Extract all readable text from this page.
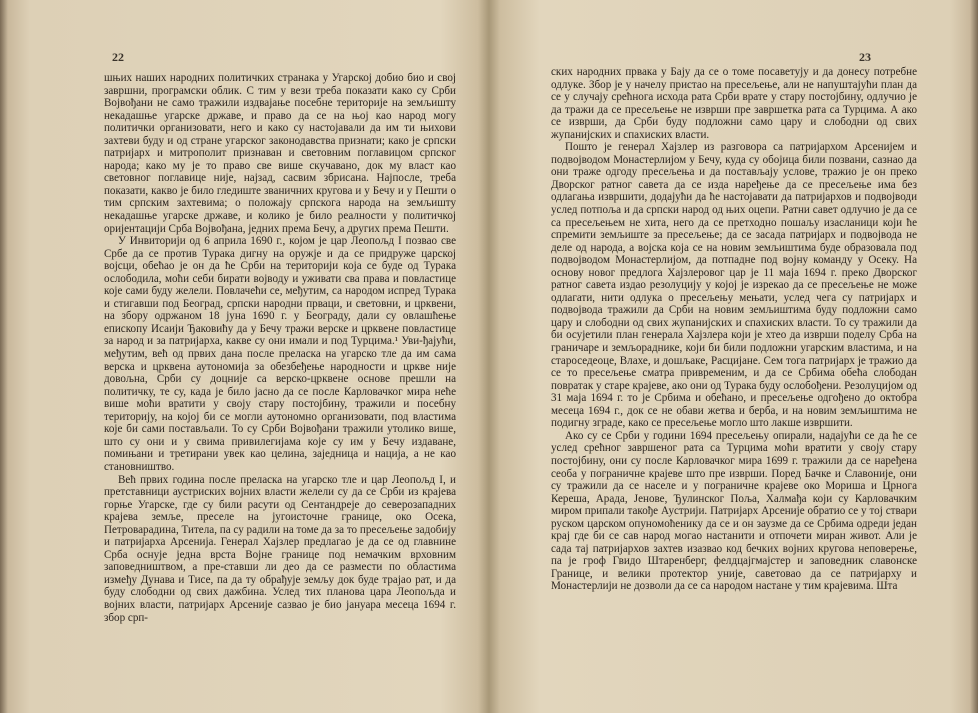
22

шњих наших народних политичких странака у Угарској добио био и свој завршни, програмски облик. С тим у вези треба показати како су Срби Војвођани не само тражили издвајање посебне територије на земљишту некадашње угарске државе, и право да се на њој као народ могу политички организовати, него и како су настојавали да им ти њихови захтеви буду и од стране угарског законодавства признати; како је српски патријарх и митрополит признаван и световним поглавицом српског народа; како му је то право све више скучавано, док му власт као световног поглавице није, најзад, сасвим збрисана. Најпосле, треба показати, какво је било гледиште званичних кругова и у Бечу и у Пешти о тим српским захтевима; о положају српскога народа на земљишту некадашње угарске државе, и колико је било реалности у политичкој оријентацији Срба Војвођана, једних према Бечу, а других према Пешти.

У Инвиторији од 6 априла 1690 г., којом је цар Леопољд I позвао све Србе да се против Турака дигну на оружје и да се придруже царској војсци, обећао је он да ће Срби на територији која се буде од Турака ослободила, моћи себи бирати војводу и уживати сва права и повластице које сами буду желели. Повлачећи се, међутим, са народом испред Турака и стигавши под Београд, српски народни прваци, и световни, и црквени, на збору одржаном 18 јуна 1690 г. у Београду, дали су овлашћење епископу Исаији Ђаковићу да у Бечу тражи верске и црквене повластице за народ и за патријарха, какве су они имали и под Турцима.¹ Уви-ђајући, међутим, већ од првих дана после преласка на угарско тле да им сама верска и црквена аутономија за обезбеђење народности и цркве није довољна, Срби су доцније са верско-црквене основе прешли на политичку, те су, када је било јасно да се после Карловачког мира неће више моћи вратити у своју стару постојбину, тражили и посебну територију, на којој би се могли аутономно организовати, под властима које би сами постављали. То су Срби Војвођани тражили утолико више, што су они и у свима привилегијама које су им у Бечу издаване, помињани и третирани увек као целина, заједница и нација, а не као становништво.

Већ првих година после преласка на угарско тле и цар Леопољд I, и претставници аустриских војних власти желели су да се Срби из крајева горње Угарске, где су били расути од Сентандреје до северозападних крајева земље, преселе на југоисточне границе, око Осека, Петроварадина, Титела, па су радили на томе да за то пресељење задобију и патријарха Арсенија. Генерал Хајзлер предлагао је да се од главнине Срба оснује једна врста Војне границе под немачким врховним заповедништвом, а пре-ставши ли део да се размести по областима између Дунава и Тисе, па да ту обрађује земљу док буде трајао рат, и да буду слободни од свих дажбина. Услед тих планова цара Леопољда и војних власти, патријарх Арсеније сазвао је био јануара месеца 1694 г. збор срп-

23

ских народних првака у Бају да се о томе посаветују и да донесу потребне одлуке. Збор је у начелу пристао на пресељење, али не напуштајући план да се у случају срећнога исхода рата Срби врате у стару постојбину, одлучио је да тражи да се пресељење не изврши пре завршетка рата са Турцима. А ако се изврши, да Срби буду подложни само цару и слободни од свих жупанијских и спахиских власти.

Пошто је генерал Хајзлер из разговора са патријархом Арсенијем и подвојводом Монастерлијом у Бечу, куда су обојица били позвани, сазнао да они траже одгоду пресељења и да постављају услове, тражио је он преко Дворског ратног савета да се изда наређење да се пресељење има без одлагања извршити, додајући да ће настојавати да патријархов и подвојводи услед потпоља и да српски народ од њих оцепи. Ратни савет одлучио је да се са пресељењем не хита, него да се претходно пошаљу изасланици који ће спремити земљиште за пресељење; да се засада патријарх и подвојвода не деле од народа, а војска која се на новим земљиштима буде образовала под подвојводом Монастерлијом, да потпадне под војну команду у Осеку. На основу новог предлога Хајзлеровог цар је 11 маја 1694 г. преко Дворског ратног савета издао резолуцију у којој је изрекао да се пресељење не може одлагати, нити одлука о пресељењу мењати, услед чега су патријарх и подвојвода тражили да Срби на новим земљиштима буду подложни само цару и слободни од свих жупанијских и спахиских власти. То су тражили да би осујетили план генерала Хајзлера који је хтео да изврши поделу Срба на граничаре и земљораднике, који би били подложни угарским властима, и на староседеоце, Влахе, и дошљаке, Расцијане. Сем тога патријарх је тражио да се то пресељење сматра привременим, и да се Србима обећа слободан повратак у старе крајеве, ако они од Турака буду ослобођени. Резолуцијом од 31 маја 1694 г. то је Србима и обећано, и пресељење одгођено до октобра месеца 1694 г., док се не обави жетва и берба, и на новим земљиштима не подигну зграде, како се пресељење могло што лакше извршити.

Ако су се Срби у години 1694 пресељењу опирали, надајући се да ће се услед срећног завршеног рата са Турцима моћи вратити у своју стару постојбину, они су после Карловачког мира 1699 г. тражили да се наређена сеоба у пограничне крајеве што пре изврши. Поред Бачке и Славоније, они су тражили да се населе и у пограничне крајеве око Мориша и Црнога Кереша, Арада, Јенове, Ђулинског Поља, Халмађа који су Карловачким миром припали такође Аустрији. Патријарх Арсеније обратио се у тој ствари руском царском опуномоћенику да се и он заузме да се Србима одреди један крај где би се сав народ могао настанити и отпочети миран живот. Али је сада тај патријархов захтев изазвао код бечких војних кругова неповерење, па је гроф Гвидо Штаренберг, фелдцајгмајстер и заповедник славонске Границе, и велики протектор уније, саветовао да се патријарху и Монастерлији не дозволи да се са народом настане у тим крајевима. Шта
